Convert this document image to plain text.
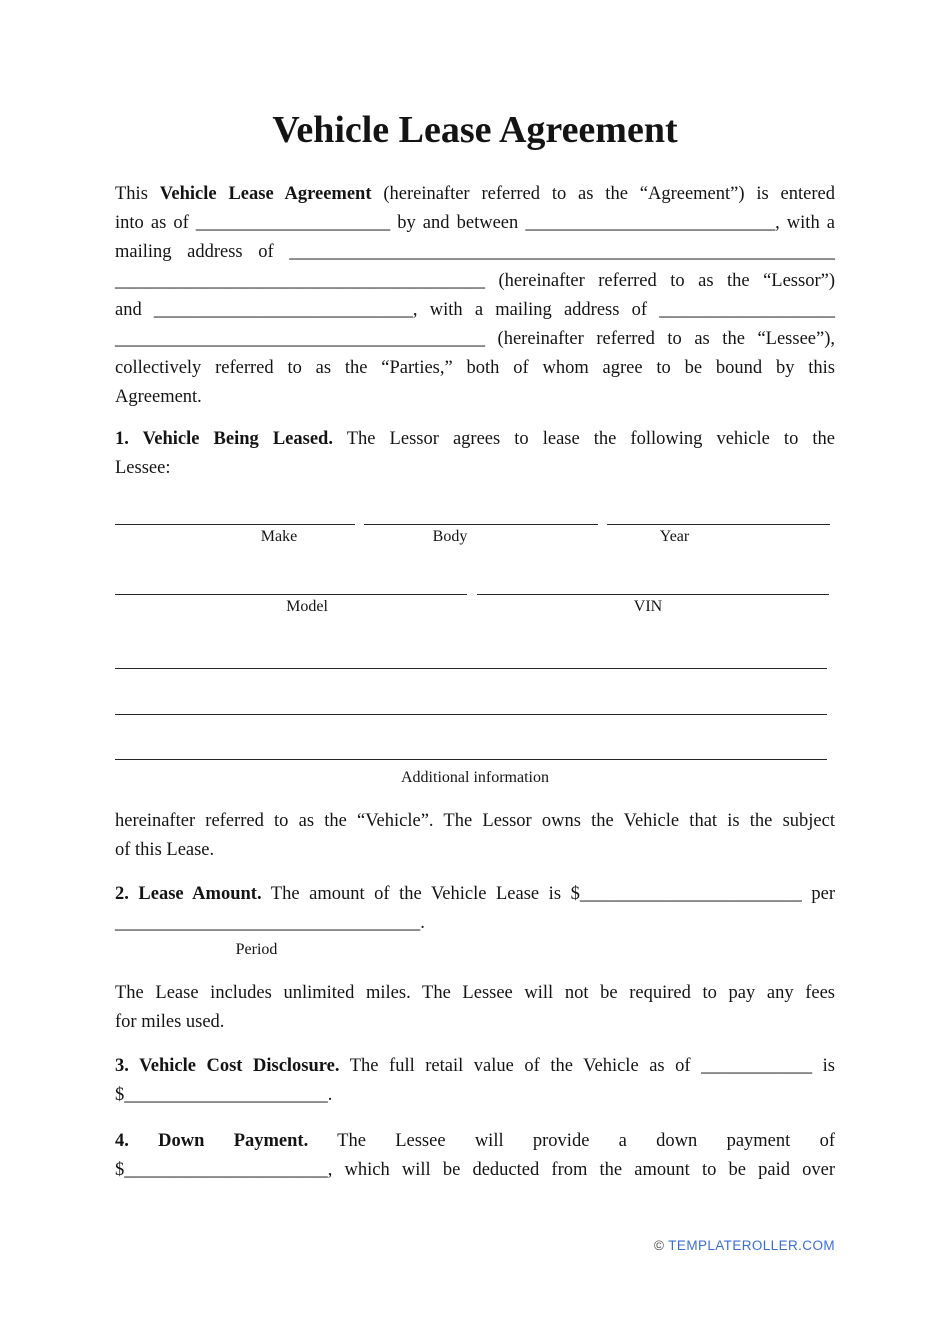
Vehicle Lease Agreement

This Vehicle Lease Agreement (hereinafter referred to as the “Agreement”) is entered

into as of _____________________ by and between ___________________________, with a

mailing address of ___________________________________________________________

________________________________________ (hereinafter referred to as the “Lessor”)

and ____________________________, with a mailing address of ___________________

________________________________________ (hereinafter referred to as the “Lessee”),

collectively referred to as the “Parties,” both of whom agree to be bound by this

Agreement.

1. Vehicle Being Leased. The Lessor agrees to lease the following vehicle to the

Lessee:

Make	Body	Year
Model	VIN
Additional information

hereinafter referred to as the “Vehicle”. The Lessor owns the Vehicle that is the subject

of this Lease.

2. Lease Amount. The amount of the Vehicle Lease is $________________________ per

_________________________________.

Period

The Lease includes unlimited miles. The Lessee will not be required to pay any fees

for miles used.

3. Vehicle Cost Disclosure. The full retail value of the Vehicle as of ____________ is

$______________________.

4. Down Payment. The Lessee will provide a down payment of

$______________________, which will be deducted from the amount to be paid over

© TEMPLATEROLLER.COM
